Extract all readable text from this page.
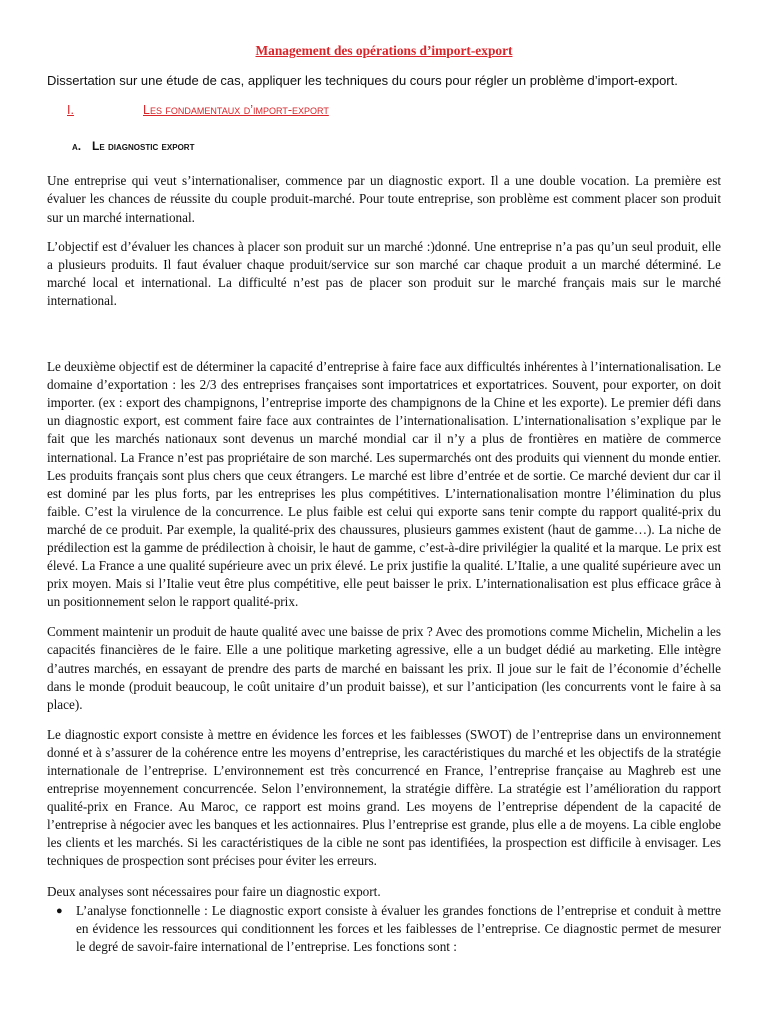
Management des opérations d’import-export
Dissertation sur une étude de cas, appliquer les techniques du cours pour régler un problème d’import-export.
I.	Les fondamentaux d’import-export
a. Le diagnostic export

Une entreprise qui veut s’internationaliser, commence par un diagnostic export. Il a une double vocation. La première est évaluer les chances de réussite du couple produit-marché. Pour toute entreprise, son problème est comment placer son produit sur un marché international.

L’objectif est d’évaluer les chances à placer son produit sur un marché :)donné. Une entreprise n’a pas qu’un seul produit, elle a plusieurs produits. Il faut évaluer chaque produit/service sur son marché car chaque produit a un marché déterminé. Le marché local et international. La difficulté n’est pas de placer son produit sur le marché français mais sur le marché international.

Le deuxième objectif est de déterminer la capacité d’entreprise à faire face aux difficultés inhérentes à l’internationalisation. Le domaine d’exportation : les 2/3 des entreprises françaises sont importatrices et exportatrices. Souvent, pour exporter, on doit importer. (ex : export des champignons, l’entreprise importe des champignons de la Chine et les exporte). Le premier défi dans un diagnostic export, est comment faire face aux contraintes de l’internationalisation. L’internationalisation s’explique par le fait que les marchés nationaux sont devenus un marché mondial car il n’y a plus de frontières en matière de commerce international. La France n’est pas propriétaire de son marché. Les supermarchés ont des produits qui viennent du monde entier. Les produits français sont plus chers que ceux étrangers. Le marché est libre d’entrée et de sortie. Ce marché devient dur car il est dominé par les plus forts, par les entreprises les plus compétitives. L’internationalisation montre l’élimination du plus faible. C’est la virulence de la concurrence. Le plus faible est celui qui exporte sans tenir compte du rapport qualité-prix du marché de ce produit. Par exemple, la qualité-prix des chaussures, plusieurs gammes existent (haut de gamme…). La niche de prédilection est la gamme de prédilection à choisir, le haut de gamme, c’est-à-dire privilégier la qualité et la marque. Le prix est élevé. La France a une qualité supérieure avec un prix élevé. Le prix justifie la qualité. L’Italie, a une qualité supérieure avec un prix moyen. Mais si l’Italie veut être plus compétitive, elle peut baisser le prix. L’internationalisation est plus efficace grâce à un positionnement selon le rapport qualité-prix.

Comment maintenir un produit de haute qualité avec une baisse de prix ? Avec des promotions comme Michelin, Michelin a les capacités financières de le faire. Elle a une politique marketing agressive, elle a un budget dédié au marketing. Elle intègre d’autres marchés, en essayant de prendre des parts de marché en baissant les prix. Il joue sur le fait de l’économie d’échelle dans le monde (produit beaucoup, le coût unitaire d’un produit baisse), et sur l’anticipation (les concurrents vont le faire à sa place).

Le diagnostic export consiste à mettre en évidence les forces et les faiblesses (SWOT) de l’entreprise dans un environnement donné et à s’assurer de la cohérence entre les moyens d’entreprise, les caractéristiques du marché et les objectifs de la stratégie internationale de l’entreprise. L’environnement est très concurrencé en France, l’entreprise française au Maghreb est une entreprise moyennement concurrencée. Selon l’environnement, la stratégie diffère. La stratégie est l’amélioration du rapport qualité-prix en France. Au Maroc, ce rapport est moins grand. Les moyens de l’entreprise dépendent de la capacité de l’entreprise à négocier avec les banques et les actionnaires. Plus l’entreprise est grande, plus elle a de moyens. La cible englobe les clients et les marchés. Si les caractéristiques de la cible ne sont pas identifiées, la prospection est difficile à envisager. Les techniques de prospection sont précises pour éviter les erreurs.

Deux analyses sont nécessaires pour faire un diagnostic export.

●	L’analyse fonctionnelle : Le diagnostic export consiste à évaluer les grandes fonctions de l’entreprise et conduit à mettre en évidence les ressources qui conditionnent les forces et les faiblesses de l’entreprise. Ce diagnostic permet de mesurer le degré de savoir-faire international de l’entreprise. Les fonctions sont :
